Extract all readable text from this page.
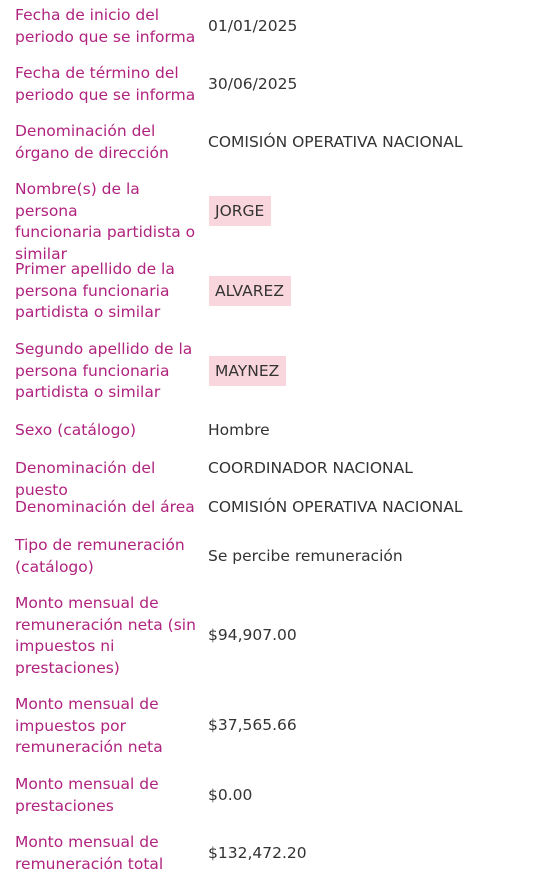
Fecha de inicio del
periodo que se informa
01/01/2025
Fecha de término del
periodo que se informa
30/06/2025
Denominación del
órgano de dirección
COMISIÓN OPERATIVA NACIONAL
Nombre(s) de la persona
funcionaria partidista o
similar
JORGE
Primer apellido de la
persona funcionaria
partidista o similar
ALVAREZ
Segundo apellido de la
persona funcionaria
partidista o similar
MAYNEZ
Sexo (catálogo)	Hombre
Denominación del puesto
COORDINADOR NACIONAL
Denominación del área COMISIÓN OPERATIVA NACIONAL
Tipo de remuneración
(catálogo)
Se percibe remuneración
Monto mensual de
remuneración neta (sin
impuestos ni
prestaciones)
$94,907.00
Monto mensual de
impuestos por
remuneración neta
$37,565.66
Monto mensual de
prestaciones
$0.00
Monto mensual de
remuneración total
$132,472.20
